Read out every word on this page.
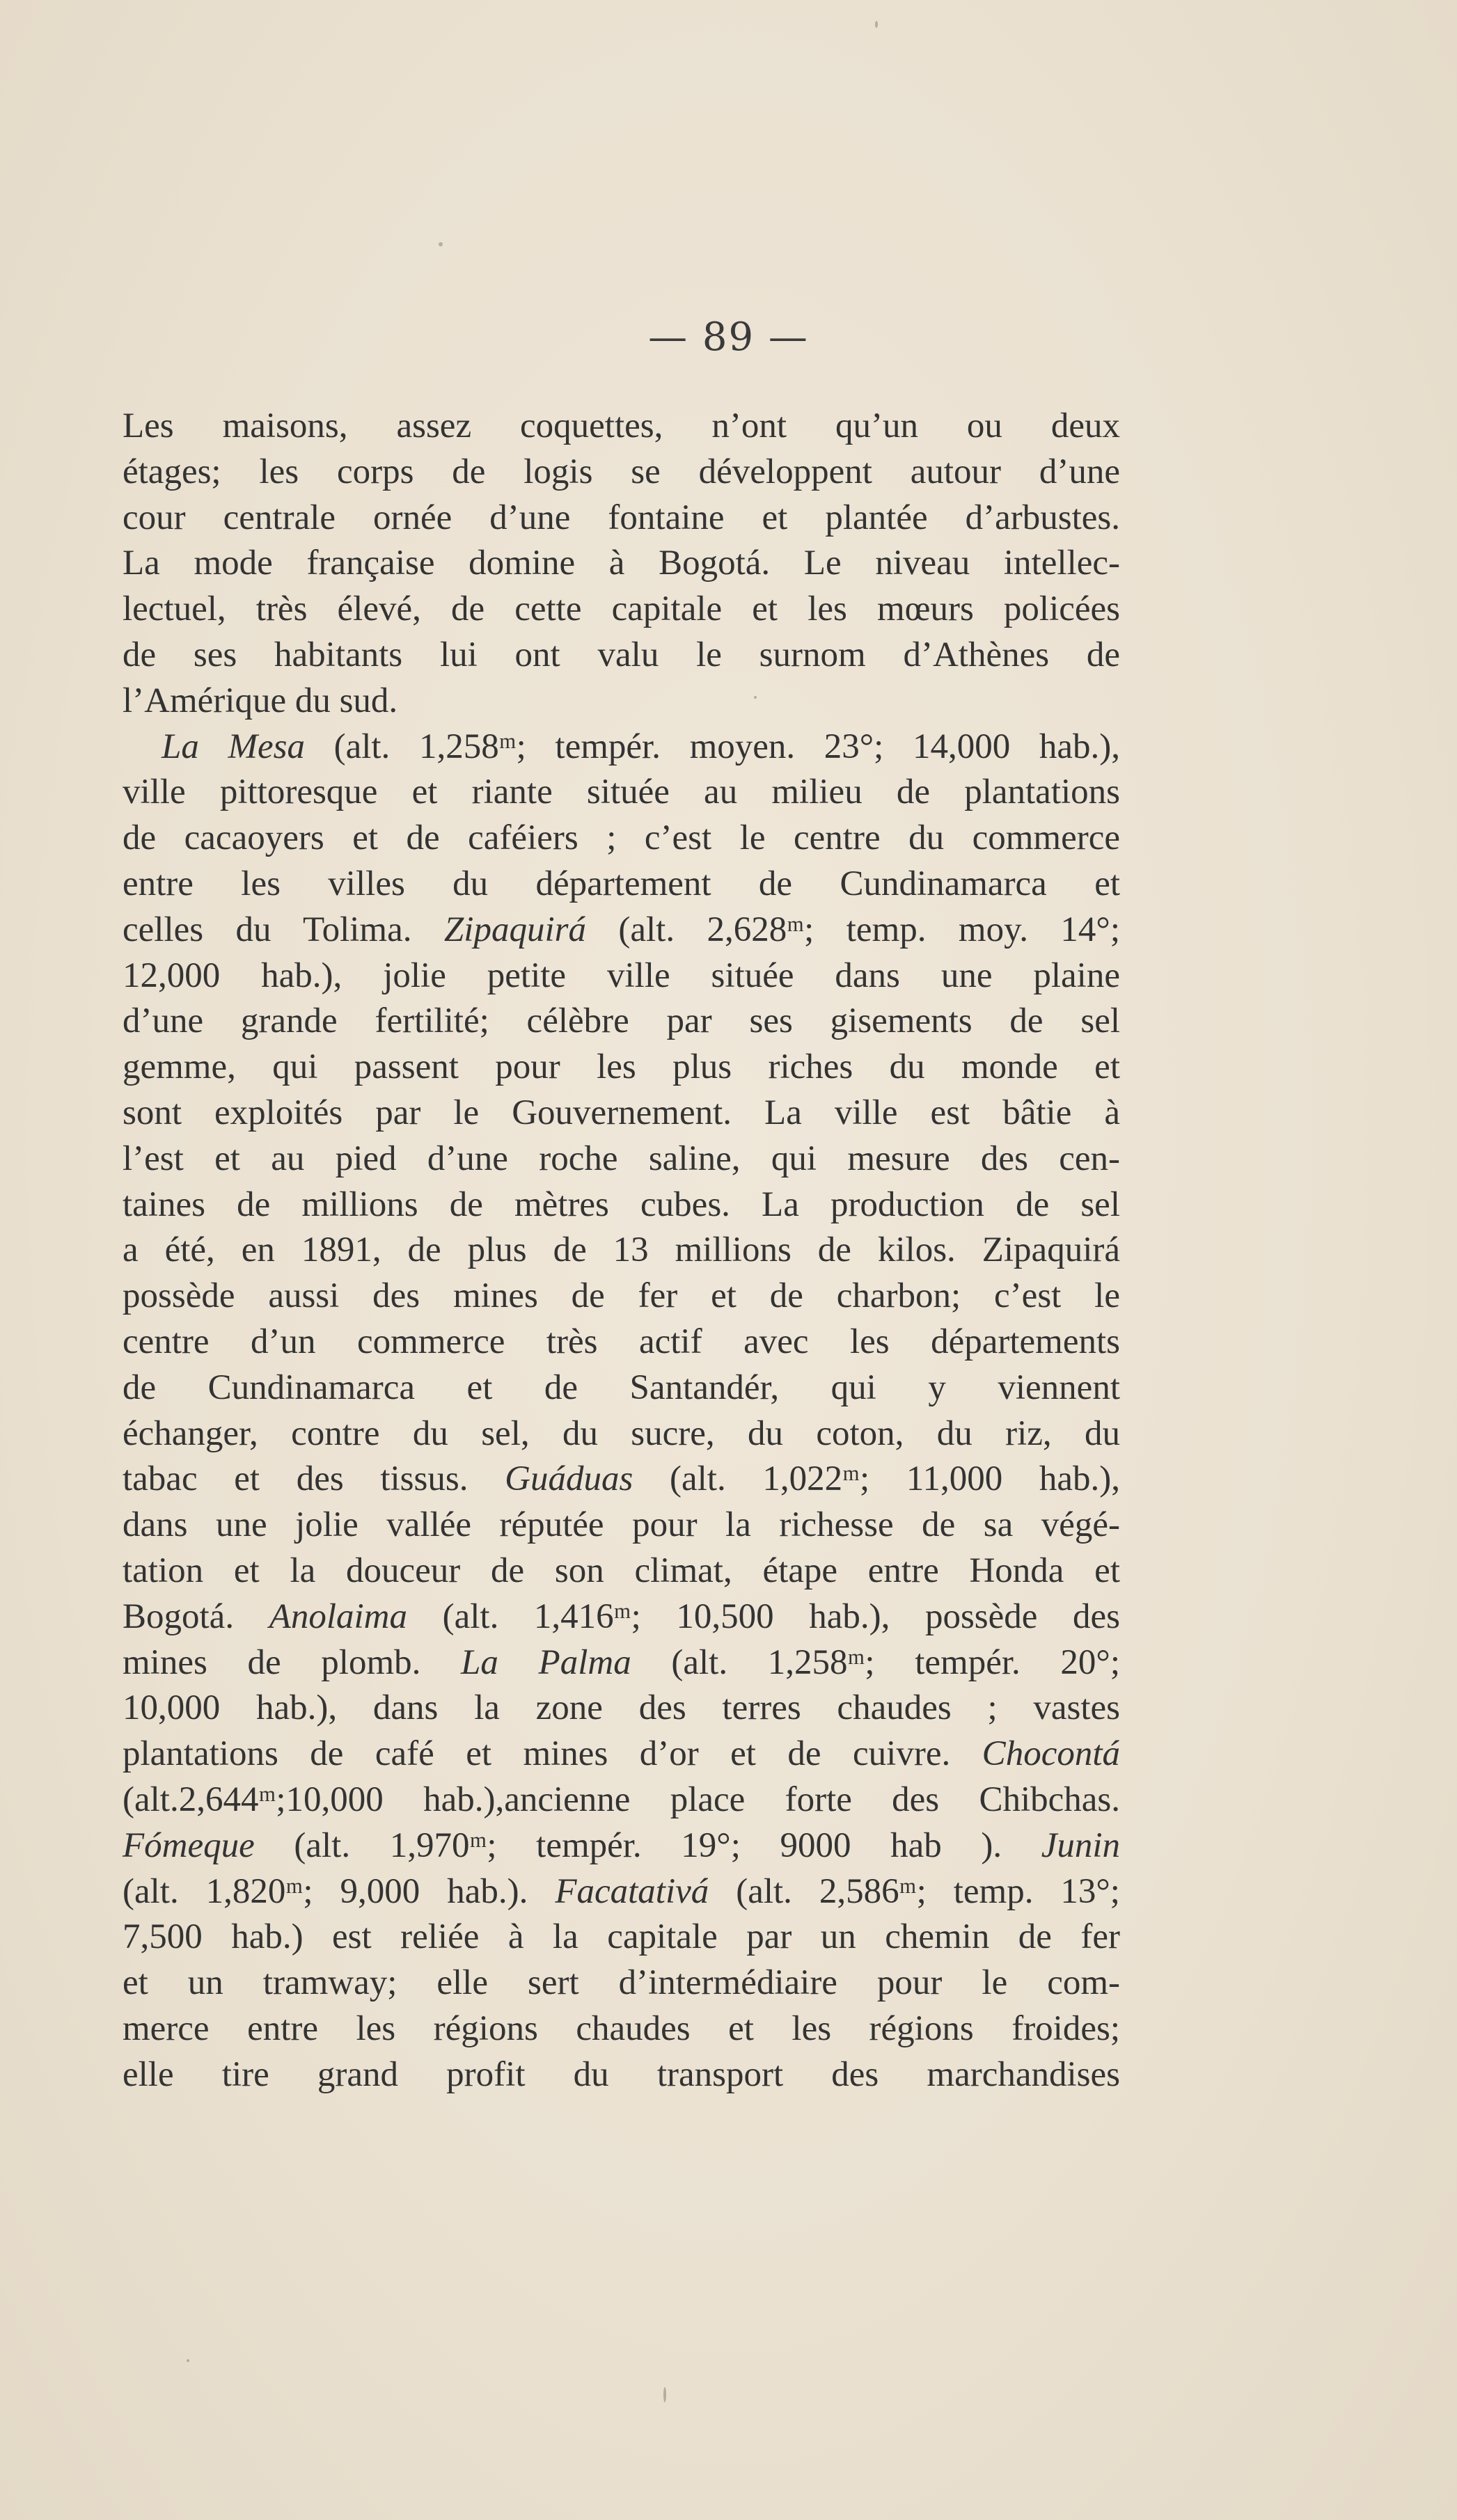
— 89 —
Les maisons, assez coquettes, n’ont qu’un ou deux
étages; les corps de logis se développent autour d’une
cour centrale ornée d’une fontaine et plantée d’arbustes.
La mode française domine à Bogotá. Le niveau intellec-
lectuel, très élevé, de cette capitale et les mœurs policées
de ses habitants lui ont valu le surnom d’Athènes de
l’Amérique du sud.
La Mesa (alt. 1,258ᵐ; tempér. moyen. 23°; 14,000 hab.),
ville pittoresque et riante située au milieu de plantations
de cacaoyers et de caféiers ; c’est le centre du commerce
entre les villes du département de Cundinamarca et
celles du Tolima. Zipaquirá (alt. 2,628ᵐ; temp. moy. 14°;
12,000 hab.), jolie petite ville située dans une plaine
d’une grande fertilité; célèbre par ses gisements de sel
gemme, qui passent pour les plus riches du monde et
sont exploités par le Gouvernement. La ville est bâtie à
l’est et au pied d’une roche saline, qui mesure des cen-
taines de millions de mètres cubes. La production de sel
a été, en 1891, de plus de 13 millions de kilos. Zipaquirá
possède aussi des mines de fer et de charbon; c’est le
centre d’un commerce très actif avec les départements
de Cundinamarca et de Santandér, qui y viennent
échanger, contre du sel, du sucre, du coton, du riz, du
tabac et des tissus. Guáduas (alt. 1,022ᵐ; 11,000 hab.),
dans une jolie vallée réputée pour la richesse de sa végé-
tation et la douceur de son climat, étape entre Honda et
Bogotá. Anolaima (alt. 1,416ᵐ; 10,500 hab.), possède des
mines de plomb. La Palma (alt. 1,258ᵐ; tempér. 20°;
10,000 hab.), dans la zone des terres chaudes ; vastes
plantations de café et mines d’or et de cuivre. Chocontá
(alt.2,644ᵐ;10,000 hab.),ancienne place forte des Chibchas.
Fómeque (alt. 1,970ᵐ; tempér. 19°; 9000 hab ). Junin
(alt. 1,820ᵐ; 9,000 hab.). Facatativá (alt. 2,586ᵐ; temp. 13°;
7,500 hab.) est reliée à la capitale par un chemin de fer
et un tramway; elle sert d’intermédiaire pour le com-
merce entre les régions chaudes et les régions froides;
elle tire grand profit du transport des marchandises
